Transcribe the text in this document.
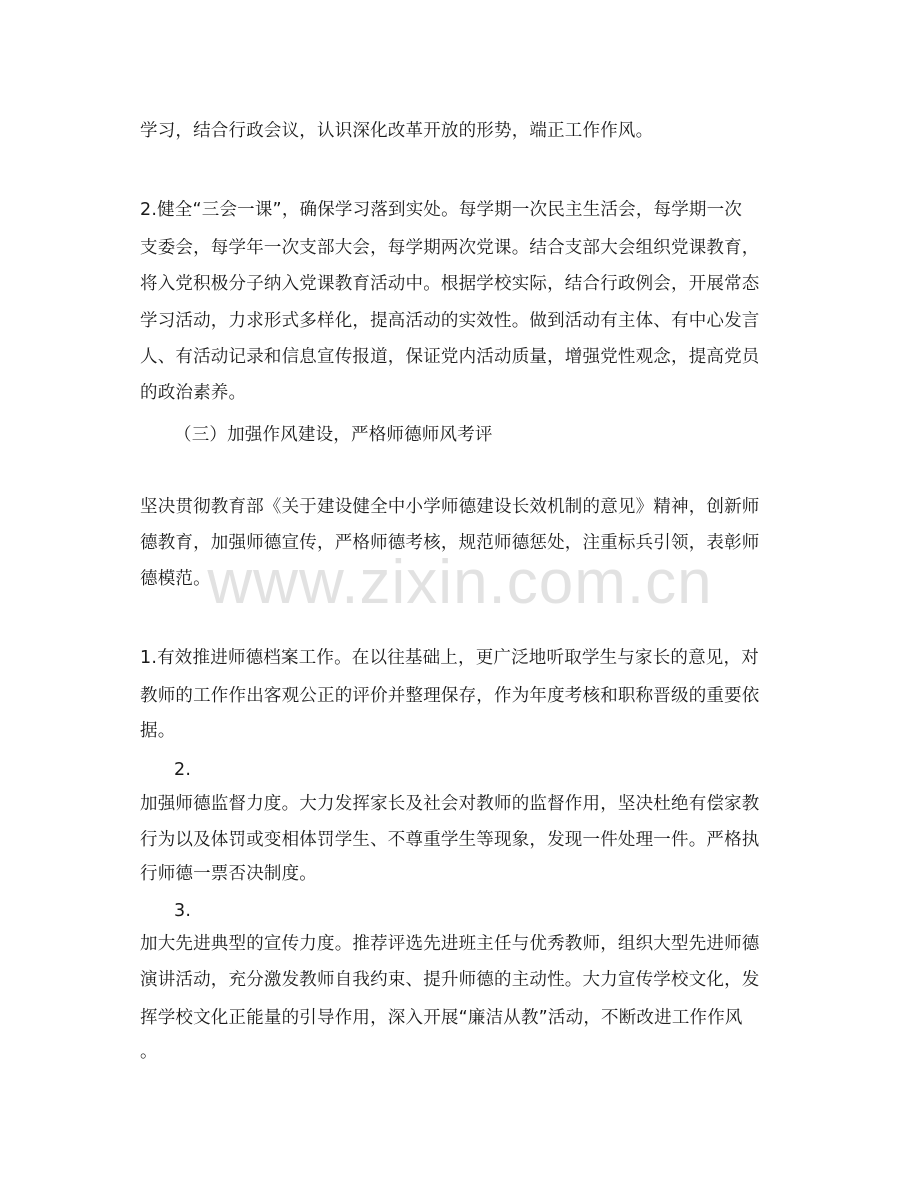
学习，结合行政会议，认识深化改革开放的形势，端正工作作风。
2.健全“三会一课”，确保学习落到实处。每学期一次民主生活会，每学期一次
支委会，每学年一次支部大会，每学期两次党课。结合支部大会组织党课教育，
将入党积极分子纳入党课教育活动中。根据学校实际，结合行政例会，开展常态
学习活动，力求形式多样化，提高活动的实效性。做到活动有主体、有中心发言
人、有活动记录和信息宣传报道，保证党内活动质量，增强党性观念，提高党员
的政治素养。
（三）加强作风建设，严格师德师风考评
坚决贯彻教育部《关于建设健全中小学师德建设长效机制的意见》精神，创新师
德教育，加强师德宣传，严格师德考核，规范师德惩处，注重标兵引领，表彰师
德模范。
1.有效推进师德档案工作。在以往基础上，更广泛地听取学生与家长的意见，对
教师的工作作出客观公正的评价并整理保存，作为年度考核和职称晋级的重要依
据。
2.
加强师德监督力度。大力发挥家长及社会对教师的监督作用，坚决杜绝有偿家教
行为以及体罚或变相体罚学生、不尊重学生等现象，发现一件处理一件。严格执
行师德一票否决制度。
3.
加大先进典型的宣传力度。推荐评选先进班主任与优秀教师，组织大型先进师德
演讲活动，充分激发教师自我约束、提升师德的主动性。大力宣传学校文化，发
挥学校文化正能量的引导作用，深入开展“廉洁从教”活动，不断改进工作作风
。
www.zixin.com.cn
